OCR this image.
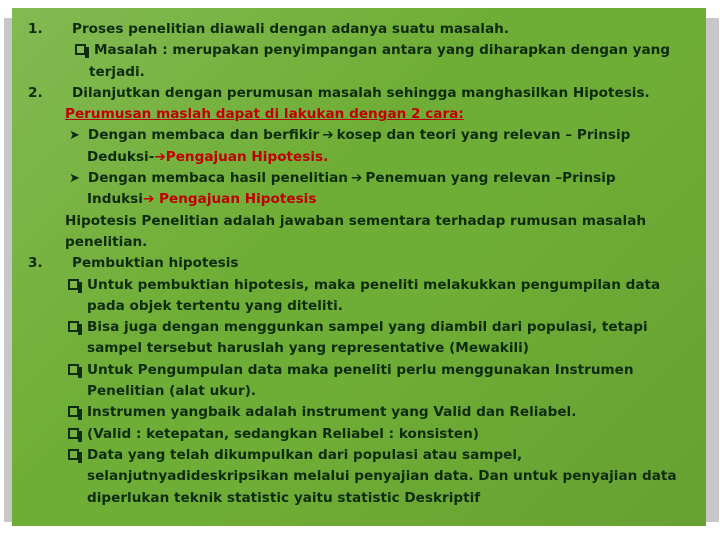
1. Proses penelitian diawali dengan adanya suatu masalah.
Masalah : merupakan penyimpangan antara yang diharapkan dengan yang
terjadi.
2. Dilanjutkan dengan perumusan masalah sehingga manghasilkan Hipotesis.
Perumusan maslah dapat di lakukan dengan 2 cara:
➤ Dengan membaca dan berfikir ➔ kosep dan teori yang relevan – Prinsip
Deduksi-➔Pengajuan Hipotesis.
➤ Dengan membaca hasil penelitian ➔ Penemuan yang relevan –Prinsip
Induksi➔ Pengajuan Hipotesis
Hipotesis Penelitian adalah jawaban sementara terhadap rumusan masalah
penelitian.
3. Pembuktian hipotesis
Untuk pembuktian hipotesis, maka peneliti melakukkan pengumpilan data
pada objek tertentu yang diteliti.
Bisa juga dengan menggunkan sampel yang diambil dari populasi, tetapi
sampel tersebut haruslah yang representative (Mewakili)
Untuk Pengumpulan data maka peneliti perlu menggunakan Instrumen
Penelitian (alat ukur).
Instrumen yangbaik adalah instrument yang Valid dan Reliabel.
(Valid : ketepatan, sedangkan Reliabel : konsisten)
Data yang telah dikumpulkan dari populasi atau sampel,
selanjutnyadideskripsikan melalui penyajian data. Dan untuk penyajian data
diperlukan teknik statistic yaitu statistic Deskriptif
